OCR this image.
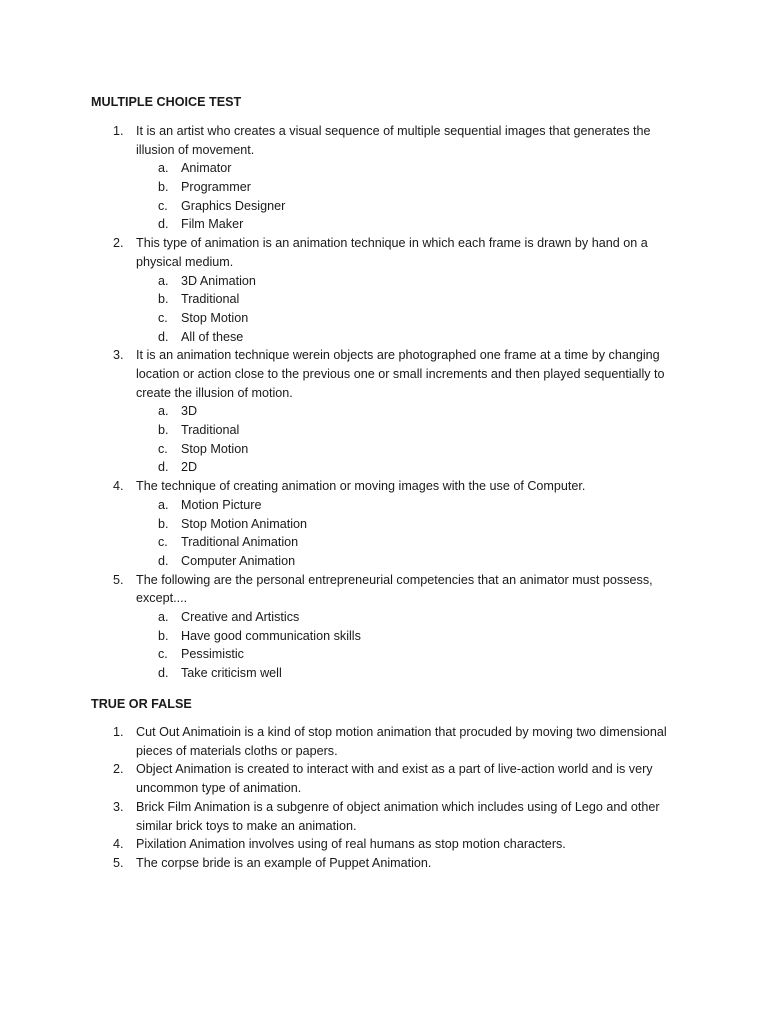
MULTIPLE CHOICE TEST
1. It is an artist who creates a visual sequence of multiple sequential images that generates the illusion of movement.
a. Animator
b. Programmer
c. Graphics Designer
d. Film Maker
2. This type of animation is an animation technique in which each frame is drawn by hand on a physical medium.
a. 3D Animation
b. Traditional
c. Stop Motion
d. All of these
3. It is an animation technique werein objects are photographed one frame at a time by changing location or action close to the previous one or small increments and then played sequentially to create the illusion of motion.
a. 3D
b. Traditional
c. Stop Motion
d. 2D
4. The technique of creating animation or moving images with the use of Computer.
a. Motion Picture
b. Stop Motion Animation
c. Traditional Animation
d. Computer Animation
5. The following are the personal entrepreneurial competencies that an animator must possess, except....
a. Creative and Artistics
b. Have good communication skills
c. Pessimistic
d. Take criticism well
TRUE OR FALSE
1. Cut Out Animatioin is a kind of stop motion animation that procuded by moving two dimensional pieces of materials cloths or papers.
2. Object Animation is created to interact with and exist as a part of live-action world and is very uncommon type of animation.
3. Brick Film Animation is a subgenre of object animation which includes using of Lego and other similar brick toys to make an animation.
4. Pixilation Animation involves using of real humans as stop motion characters.
5. The corpse bride is an example of Puppet Animation.
